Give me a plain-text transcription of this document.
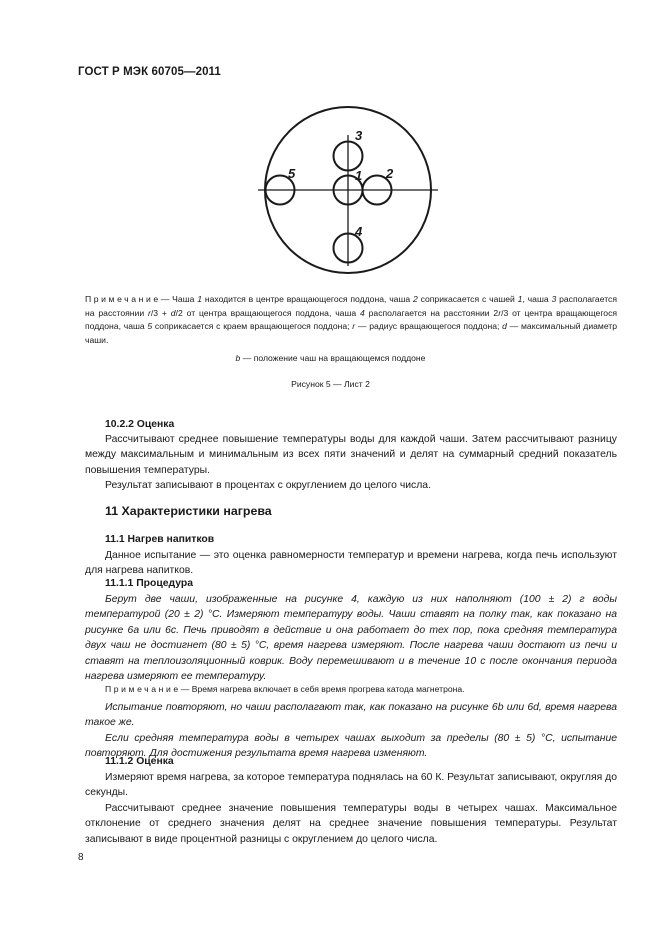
ГОСТ Р МЭК 60705—2011
1 2
3
4
5
Примечание— Чаша 1 находится в центре вращающегося поддона, чаша 2 соприкасается с чашей 1, чаша 3 располагается на расстоянии r/3 + d/2 от центра вращающегося поддона, чаша 4 располагается на расстоянии 2r/3 от центра вращающегося поддона, чаша 5 соприкасается с краем вращающегося поддона; r — радиус вращающегося поддона; d — максимальный диаметр чаши.
b — положение чаш на вращающемся поддоне
Рисунок 5 — Лист 2
10.2.2 Оценка

Рассчитывают среднее повышение температуры воды для каждой чаши. Затем рассчитывают разницу между максимальным и минимальным из всех пяти значений и делят на суммарный средний показатель повышения температуры.

Результат записывают в процентах с округлением до целого числа.

11 Характеристики нагрева
11.1 Нагрев напитков

Данное испытание — это оценка равномерности температур и времени нагрева, когда печь используют для нагрева напитков.

11.1.1 Процедура

Берут две чаши, изображенные на рисунке 4, каждую из них наполняют (100 ± 2) г воды температурой (20 ± 2) °С. Измеряют температуру воды. Чаши ставят на полку так, как показано на рисунке 6а или 6с. Печь приводят в действие и она работает до тех пор, пока средняя температура двух чаш не достигнет (80 ± 5) °С, время нагрева измеряют. После нагрева чаши достают из печи и ставят на теплоизоляционный коврик. Воду перемешивают и в течение 10 с после окончания периода нагрева измеряют ее температуру.

Примечание— Время нагрева включает в себя время прогрева катода магнетрона.

Испытание повторяют, но чаши располагают так, как показано на рисунке 6b или 6d, время нагрева такое же.

Если средняя температура воды в четырех чашах выходит за пределы (80 ± 5) °С, испытание повторяют. Для достижения результата время нагрева изменяют.

11.1.2 Оценка

Измеряют время нагрева, за которое температура поднялась на 60 К. Результат записывают, округляя до секунды.

Рассчитывают среднее значение повышения температуры воды в четырех чашах. Максимальное отклонение от среднего значения делят на среднее значение повышения температуры. Результат записывают в виде процентной разницы с округлением до целого числа.

8
